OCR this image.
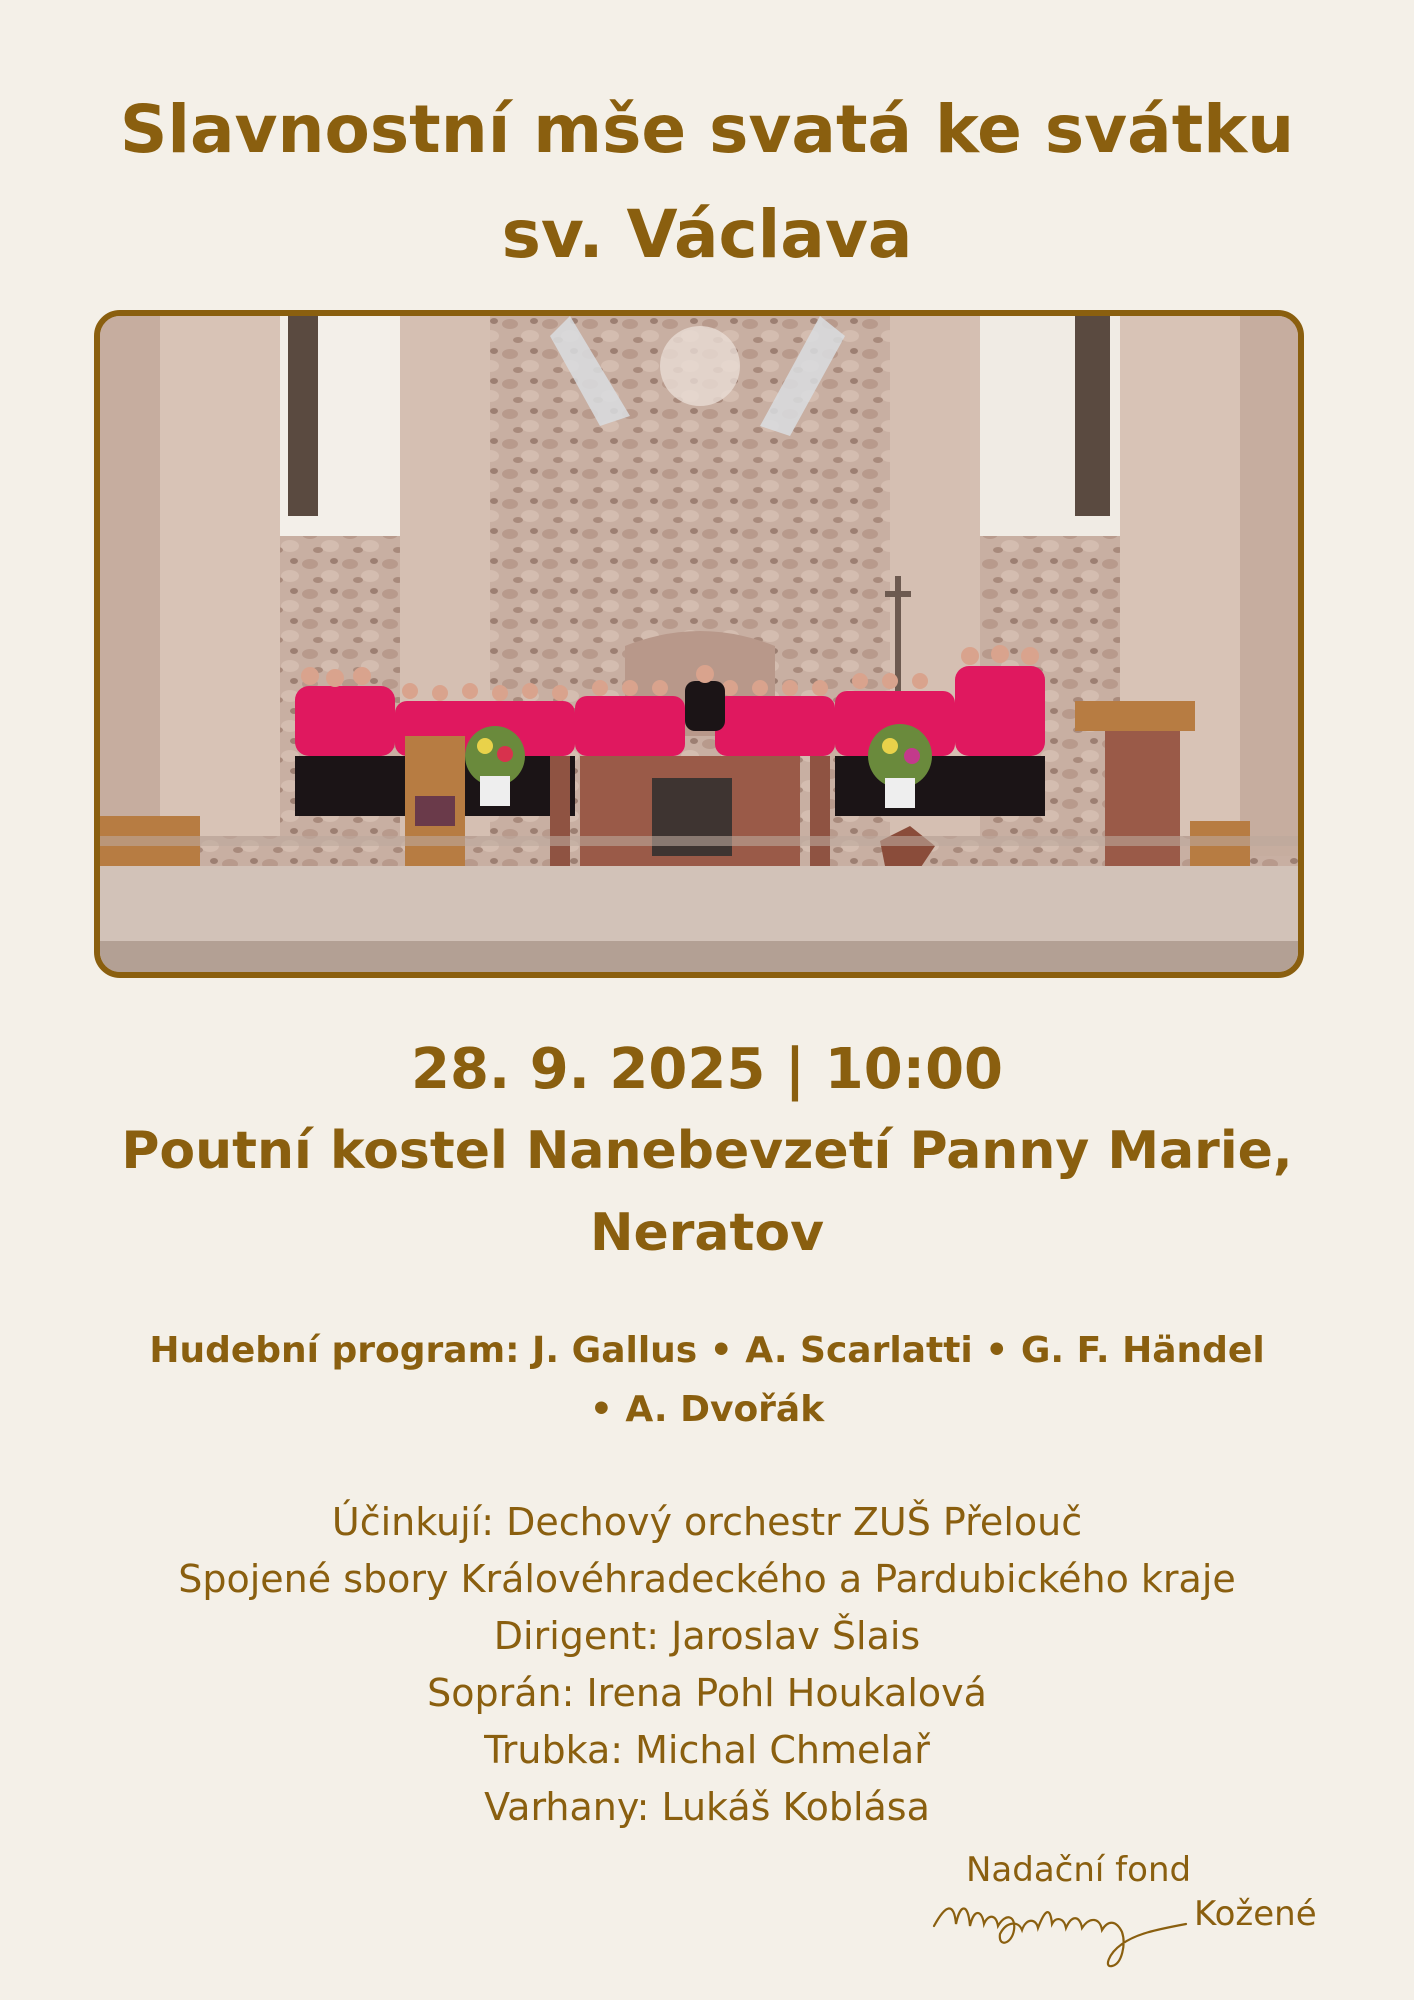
Slavnostní mše svatá ke svátku
sv. Václava
28. 9. 2025 | 10:00
Poutní kostel Nanebevzetí Panny Marie,
Neratov
Hudební program: J. Gallus • A. Scarlatti • G. F. Händel
• A. Dvořák
Účinkují: Dechový orchestr ZUŠ Přelouč
Spojené sbory Královéhradeckého a Pardubického kraje
Dirigent: Jaroslav Šlais
Soprán: Irena Pohl Houkalová
Trubka: Michal Chmelař
Varhany: Lukáš Koblása
Nadační fond
Kožené
